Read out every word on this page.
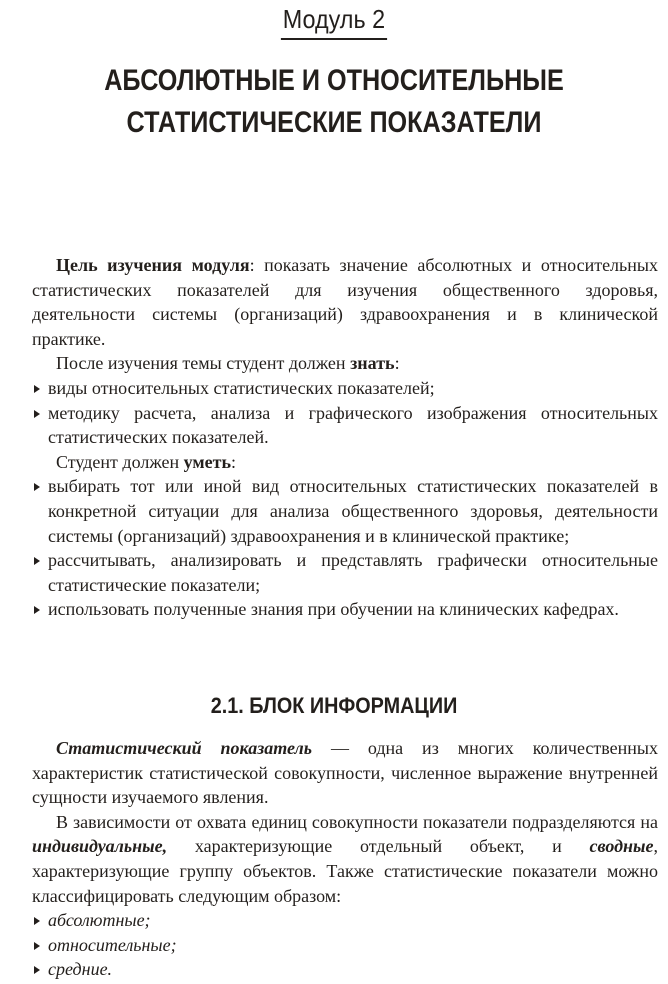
Модуль 2
АБСОЛЮТНЫЕ И ОТНОСИТЕЛЬНЫЕ
СТАТИСТИЧЕСКИЕ ПОКАЗАТЕЛИ

Цель изучения модуля: показать значение абсолютных и относительных статистических показателей для изучения общественного здоровья, деятельности системы (организаций) здравоохранения и в клинической практике.

После изучения темы студент должен знать:

виды относительных статистических показателей;
методику расчета, анализа и графического изображения относительных статистических показателей.

Студент должен уметь:

выбирать тот или иной вид относительных статистических показателей в конкретной ситуации для анализа общественного здоровья, деятельности системы (организаций) здравоохранения и в клинической практике;
рассчитывать, анализировать и представлять графически относительные статистические показатели;
использовать полученные знания при обучении на клинических кафедрах.
2.1. БЛОК ИНФОРМАЦИИ

Статистический показатель — одна из многих количественных характеристик статистической совокупности, численное выражение внутренней сущности изучаемого явления.

В зависимости от охвата единиц совокупности показатели подразделяются на индивидуальные, характеризующие отдельный объект, и сводные, характеризующие группу объектов. Также статистические показатели можно классифицировать следующим образом:

абсолютные;
относительные;
средние.
